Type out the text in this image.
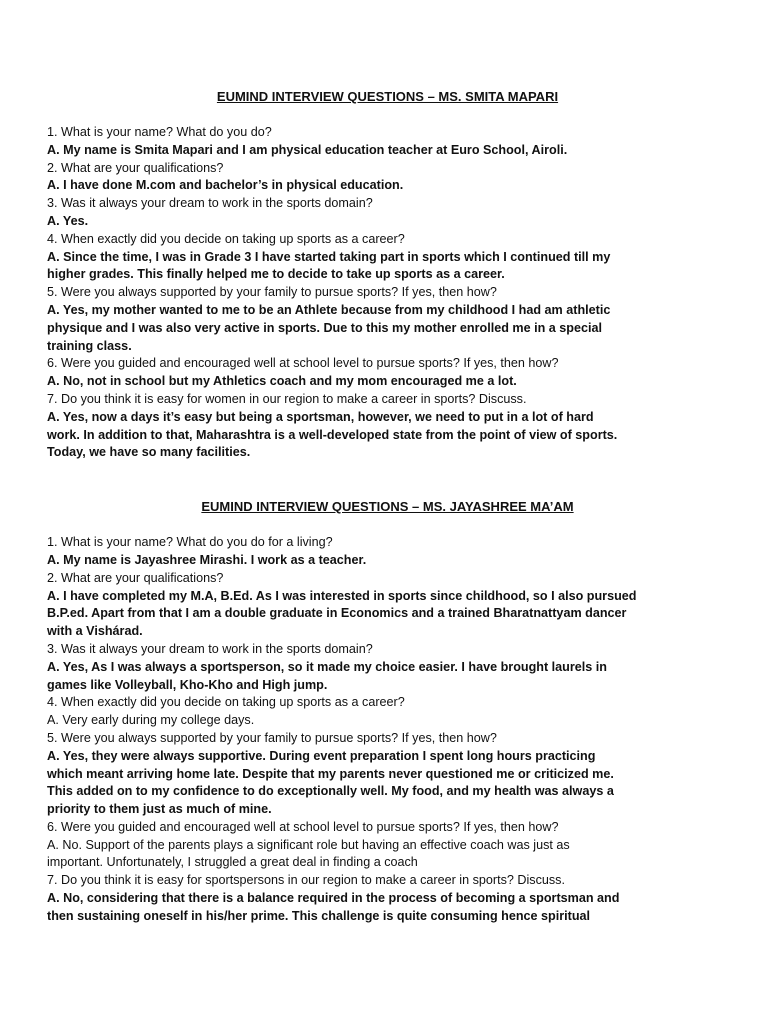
EUMIND INTERVIEW QUESTIONS – MS. SMITA MAPARI
1. What is your name? What do you do?
A. My name is Smita Mapari and I am physical education teacher at Euro School, Airoli.
2. What are your qualifications?
A. I have done M.com and bachelor’s in physical education.
3. Was it always your dream to work in the sports domain?
A. Yes.
4. When exactly did you decide on taking up sports as a career?
A. Since the time, I was in Grade 3 I have started taking part in sports which I continued till my
higher grades. This finally helped me to decide to take up sports as a career.
5. Were you always supported by your family to pursue sports? If yes, then how?
A. Yes, my mother wanted to me to be an Athlete because from my childhood I had am athletic
physique and I was also very active in sports. Due to this my mother enrolled me in a special
training class.
6. Were you guided and encouraged well at school level to pursue sports? If yes, then how?
A. No, not in school but my Athletics coach and my mom encouraged me a lot.
7. Do you think it is easy for women in our region to make a career in sports? Discuss.
A. Yes, now a days it’s easy but being a sportsman, however, we need to put in a lot of hard
work. In addition to that, Maharashtra is a well-developed state from the point of view of sports.
Today, we have so many facilities.
EUMIND INTERVIEW QUESTIONS – MS. JAYASHREE MA’AM
1. What is your name? What do you do for a living?
A. My name is Jayashree Mirashi. I work as a teacher.
2. What are your qualifications?
A. I have completed my M.A, B.Ed. As I was interested in sports since childhood, so I also pursued
B.P.ed. Apart from that I am a double graduate in Economics and a trained Bharatnattyam dancer
with a Vishárad.
3. Was it always your dream to work in the sports domain?
A. Yes, As I was always a sportsperson, so it made my choice easier. I have brought laurels in
games like Volleyball, Kho-Kho and High jump.
4. When exactly did you decide on taking up sports as a career?
A. Very early during my college days.
5. Were you always supported by your family to pursue sports? If yes, then how?
A. Yes, they were always supportive. During event preparation I spent long hours practicing
which meant arriving home late. Despite that my parents never questioned me or criticized me.
This added on to my confidence to do exceptionally well. My food, and my health was always a
priority to them just as much of mine.
6. Were you guided and encouraged well at school level to pursue sports? If yes, then how?
A. No. Support of the parents plays a significant role but having an effective coach was just as
important. Unfortunately, I struggled a great deal in finding a coach
7. Do you think it is easy for sportspersons in our region to make a career in sports? Discuss.
A. No, considering that there is a balance required in the process of becoming a sportsman and
then sustaining oneself in his/her prime. This challenge is quite consuming hence spiritual
